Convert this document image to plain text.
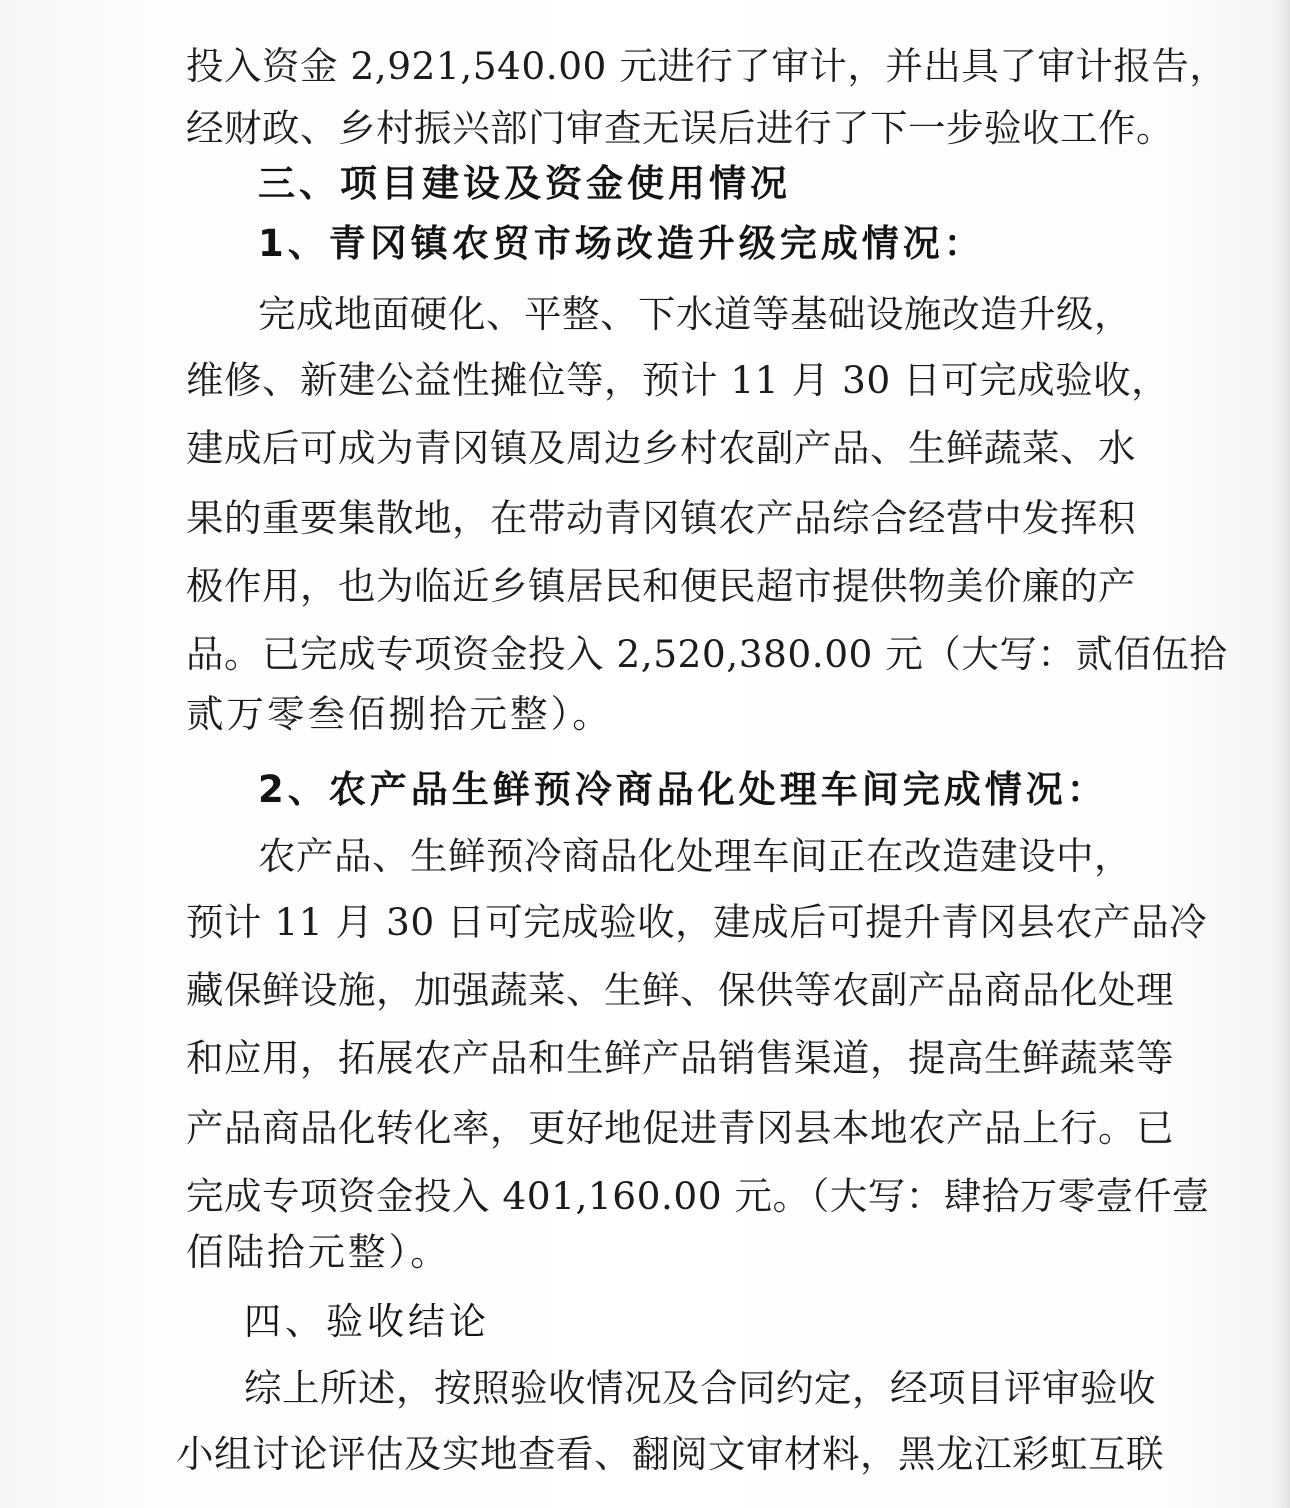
投入资金 2,921,540.00 元进行了审计，并出具了审计报告，
经财政、乡村振兴部门审查无误后进行了下一步验收工作。
三、项目建设及资金使用情况
1、青冈镇农贸市场改造升级完成情况：
完成地面硬化、平整、下水道等基础设施改造升级，
维修、新建公益性摊位等，预计 11 月 30 日可完成验收，
建成后可成为青冈镇及周边乡村农副产品、生鲜蔬菜、水
果的重要集散地，在带动青冈镇农产品综合经营中发挥积
极作用，也为临近乡镇居民和便民超市提供物美价廉的产
品。已完成专项资金投入 2,520,380.00 元（大写：贰佰伍拾
贰万零叁佰捌拾元整）。
2、农产品生鲜预冷商品化处理车间完成情况：
农产品、生鲜预冷商品化处理车间正在改造建设中，
预计 11 月 30 日可完成验收，建成后可提升青冈县农产品冷
藏保鲜设施，加强蔬菜、生鲜、保供等农副产品商品化处理
和应用，拓展农产品和生鲜产品销售渠道，提高生鲜蔬菜等
产品商品化转化率，更好地促进青冈县本地农产品上行。已
完成专项资金投入 401,160.00 元。（大写：肆拾万零壹仟壹
佰陆拾元整）。
四、验收结论
综上所述，按照验收情况及合同约定，经项目评审验收
小组讨论评估及实地查看、翻阅文审材料，黑龙江彩虹互联
